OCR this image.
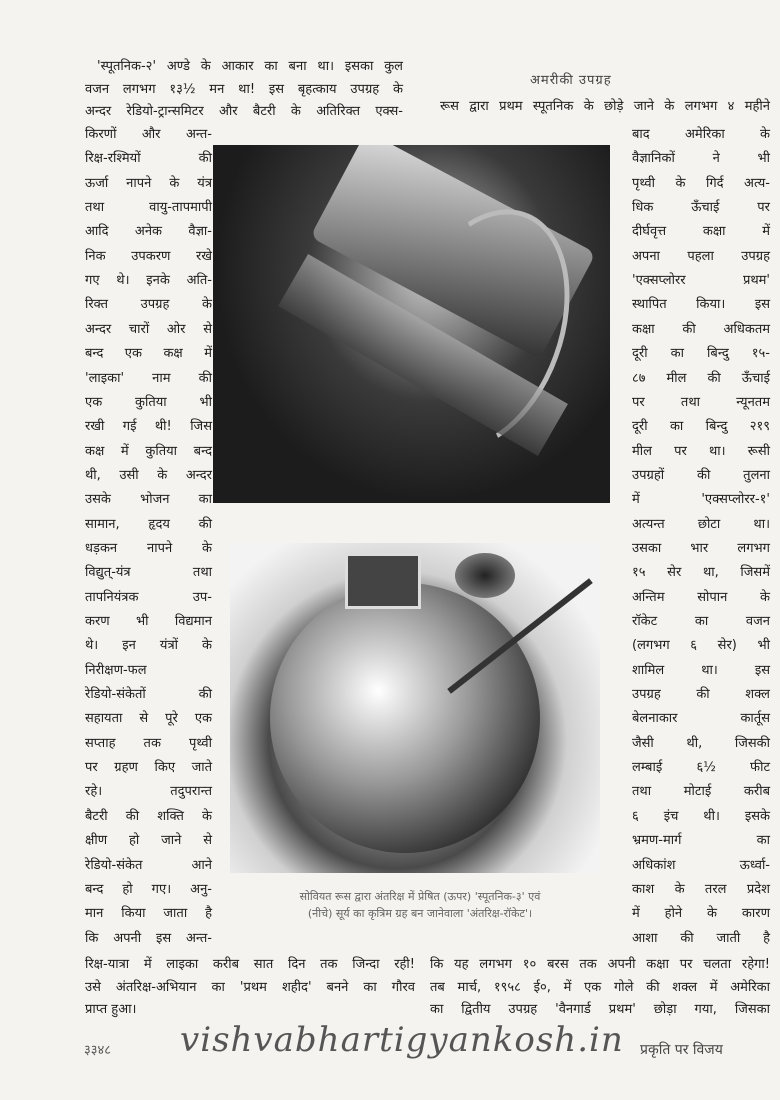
'स्पूतनिक-२' अण्डे के आकार का बना था। इसका कुल
वजन लगभग १३½ मन था! इस बृहत्काय उपग्रह के
अन्दर रेडियो-ट्रान्समिटर और बैटरी के अतिरिक्त एक्स-
किरणों और अन्त-
रिक्ष-रश्मियों की
ऊर्जा नापने के यंत्र
तथा वायु-तापमापी
आदि अनेक वैज्ञा-
निक उपकरण रखे
गए थे। इनके अति-
रिक्त उपग्रह के
अन्दर चारों ओर से
बन्द एक कक्ष में
'लाइका' नाम की
एक कुतिया भी
रखी गई थी! जिस
कक्ष में कुतिया बन्द
थी, उसी के अन्दर
उसके भोजन का
सामान, हृदय की
धड़कन नापने के
विद्युत्-यंत्र तथा
तापनियंत्रक उप-
करण भी विद्यमान
थे। इन यंत्रों के
निरीक्षण-फल
रेडियो-संकेतों की
सहायता से पूरे एक
सप्ताह तक पृथ्वी
पर ग्रहण किए जाते
रहे। तदुपरान्त
बैटरी की शक्ति के
क्षीण हो जाने से
रेडियो-संकेत आने
बन्द हो गए। अनु-
मान किया जाता है
कि अपनी इस अन्त-
बाद अमेरिका के
वैज्ञानिकों ने भी
पृथ्वी के गिर्द अत्य-
धिक ऊँचाई पर
दीर्घवृत्त कक्षा में
अपना पहला उपग्रह
'एक्सप्लोरर प्रथम'
स्थापित किया। इस
कक्षा की अधिकतम
दूरी का बिन्दु १५-
८७ मील की ऊँचाई
पर तथा न्यूनतम
दूरी का बिन्दु २१९
मील पर था। रूसी
उपग्रहों की तुलना
में 'एक्सप्लोरर-१'
अत्यन्त छोटा था।
उसका भार लगभग
१५ सेर था, जिसमें
अन्तिम सोपान के
रॉकेट का वजन
(लगभग ६ सेर) भी
शामिल था। इस
उपग्रह की शक्ल
बेलनाकार कार्तूस
जैसी थी, जिसकी
लम्बाई ६½ फीट
तथा मोटाई करीब
६ इंच थी। इसके
भ्रमण-मार्ग का
अधिकांश ऊर्ध्वा-
काश के तरल प्रदेश
में होने के कारण
आशा की जाती है
रिक्ष-यात्रा में लाइका करीब सात दिन तक जिन्दा रही!
उसे अंतरिक्ष-अभियान का 'प्रथम शहीद' बनने का गौरव
प्राप्त हुआ।
कि यह लगभग १० बरस तक अपनी कक्षा पर चलता रहेगा!
तब मार्च, १९५८ ई०, में एक गोले की शक्ल में अमेरिका
का द्वितीय उपग्रह 'वैनगार्ड प्रथम' छोड़ा गया, जिसका
रूस द्वारा प्रथम स्पूतनिक के छोड़े जाने के लगभग ४ महीने
अमरीकी उपग्रह
सोवियत रूस द्वारा अंतरिक्ष में प्रेषित (ऊपर) 'स्पूतनिक-३' एवं
(नीचे) सूर्य का कृत्रिम ग्रह बन जानेवाला 'अंतरिक्ष-रॉकेट'।
३३४८ vishvabhartigyankosh.in प्रकृति पर विजय
